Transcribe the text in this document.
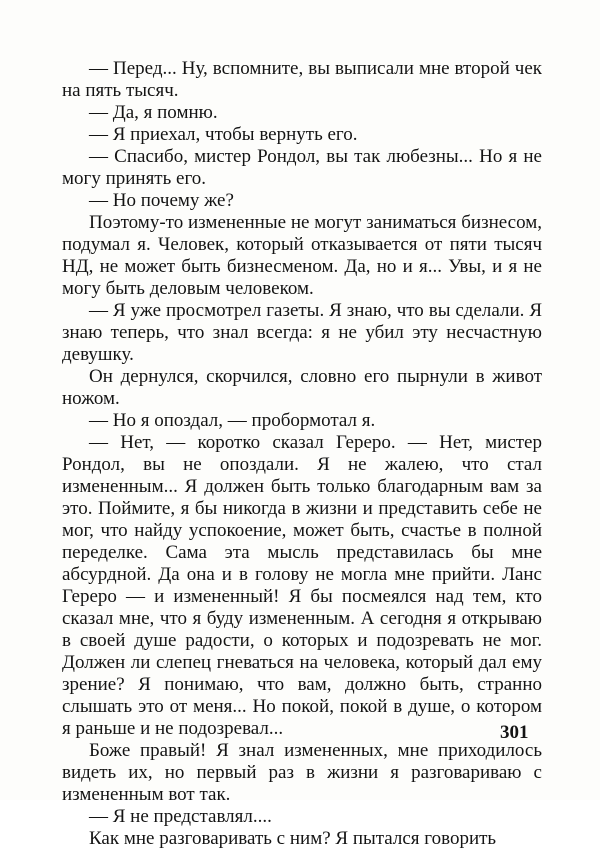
— Перед... Ну, вспомните, вы выписали мне второй чек на пять тысяч.

— Да, я помню.

— Я приехал, чтобы вернуть его.

— Спасибо, мистер Рондол, вы так любезны... Но я не могу принять его.

— Но почему же?

Поэтому-то измененные не могут заниматься бизнесом, подумал я. Человек, который отказывается от пяти тысяч НД, не может быть бизнесменом. Да, но и я... Увы, и я не могу быть деловым человеком.

— Я уже просмотрел газеты. Я знаю, что вы сделали. Я знаю теперь, что знал всегда: я не убил эту несчастную девушку.

Он дернулся, скорчился, словно его пырнули в живот ножом.

— Но я опоздал, — пробормотал я.

— Нет, — коротко сказал Гереро. — Нет, мистер Рондол, вы не опоздали. Я не жалею, что стал измененным... Я должен быть только благодарным вам за это. Поймите, я бы никогда в жизни и представить себе не мог, что найду успокоение, может быть, счастье в полной переделке. Сама эта мысль представилась бы мне абсурдной. Да она и в голову не могла мне прийти. Ланс Гереро — и измененный! Я бы посмеялся над тем, кто сказал мне, что я буду измененным. А сегодня я открываю в своей душе радости, о которых и подозревать не мог. Должен ли слепец гневаться на человека, который дал ему зрение? Я понимаю, что вам, должно быть, странно слышать это от меня... Но покой, покой в душе, о котором я раньше и не подозревал...

Боже правый! Я знал измененных, мне приходилось видеть их, но первый раз в жизни я разговариваю с измененным вот так.

— Я не представлял....

Как мне разговаривать с ним? Я пытался говорить

301
